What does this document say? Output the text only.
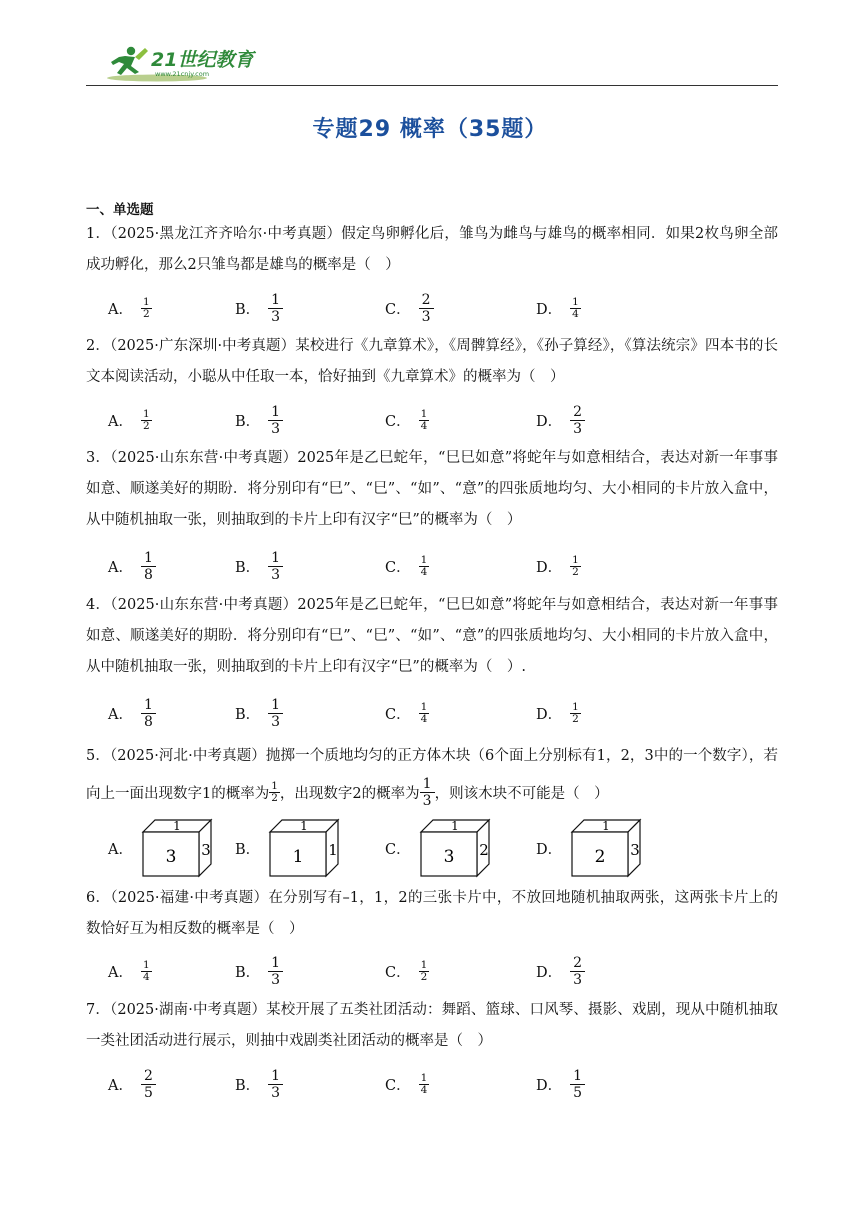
21世纪教育
www.21cnjy.com
专题29 概率（35题）
一、单选题
1．（2025·黑龙江齐齐哈尔·中考真题）假定鸟卵孵化后，雏鸟为雌鸟与雄鸟的概率相同．如果2枚鸟卵全部成功孵化，那么2只雏鸟都是雄鸟的概率是（　）
A． $\frac{1}{2}$	B． $\frac{1}{3}$	C． $\frac{2}{3}$	D． $\frac{1}{4}$
2．（2025·广东深圳·中考真题）某校进行《九章算术》，《周髀算经》，《孙子算经》，《算法统宗》四本书的长文本阅读活动，小聪从中任取一本，恰好抽到《九章算术》的概率为（　）
A． $\frac{1}{2}$	B． $\frac{1}{3}$	C． $\frac{1}{4}$	D． $\frac{2}{3}$
3．（2025·山东东营·中考真题）2025年是乙巳蛇年，“巳巳如意”将蛇年与如意相结合，表达对新一年事事如意、顺遂美好的期盼．将分别印有“巳”、“巳”、“如”、“意”的四张质地均匀、大小相同的卡片放入盒中，从中随机抽取一张，则抽取到的卡片上印有汉字“巳”的概率为（　）
A． $\frac{1}{8}$	B． $\frac{1}{3}$	C． $\frac{1}{4}$	D． $\frac{1}{2}$
4．（2025·山东东营·中考真题）2025年是乙巳蛇年，“巳巳如意”将蛇年与如意相结合，表达对新一年事事如意、顺遂美好的期盼．将分别印有“巳”、“巳”、“如”、“意”的四张质地均匀、大小相同的卡片放入盒中，从中随机抽取一张，则抽取到的卡片上印有汉字“巳”的概率为（　）.
A． $\frac{1}{8}$	B． $\frac{1}{3}$	C． $\frac{1}{4}$	D． $\frac{1}{2}$
5．（2025·河北·中考真题）抛掷一个质地均匀的正方体木块（6个面上分别标有1，2，3中的一个数字），若向上一面出现数字1的概率为 $\frac{1}{2}$ ，出现数字2的概率为 $\frac{1}{3}$ ，则该木块不可能是（　）
A．
1
3 3 B．
1
1 1	C．
1
3 2	D．
1
2 3
6．（2025·福建·中考真题）在分别写有–1，1，2的三张卡片中，不放回地随机抽取两张，这两张卡片上的数恰好互为相反数的概率是（　）
A． $\frac{1}{4}$	B． $\frac{1}{3}$	C． $\frac{1}{2}$	D． $\frac{2}{3}$
7．（2025·湖南·中考真题）某校开展了五类社团活动：舞蹈、篮球、口风琴、摄影、戏剧，现从中随机抽取一类社团活动进行展示，则抽中戏剧类社团活动的概率是（　）
A． $\frac{2}{5}$	B． $\frac{1}{3}$	C． $\frac{1}{4}$	D． $\frac{1}{5}$
